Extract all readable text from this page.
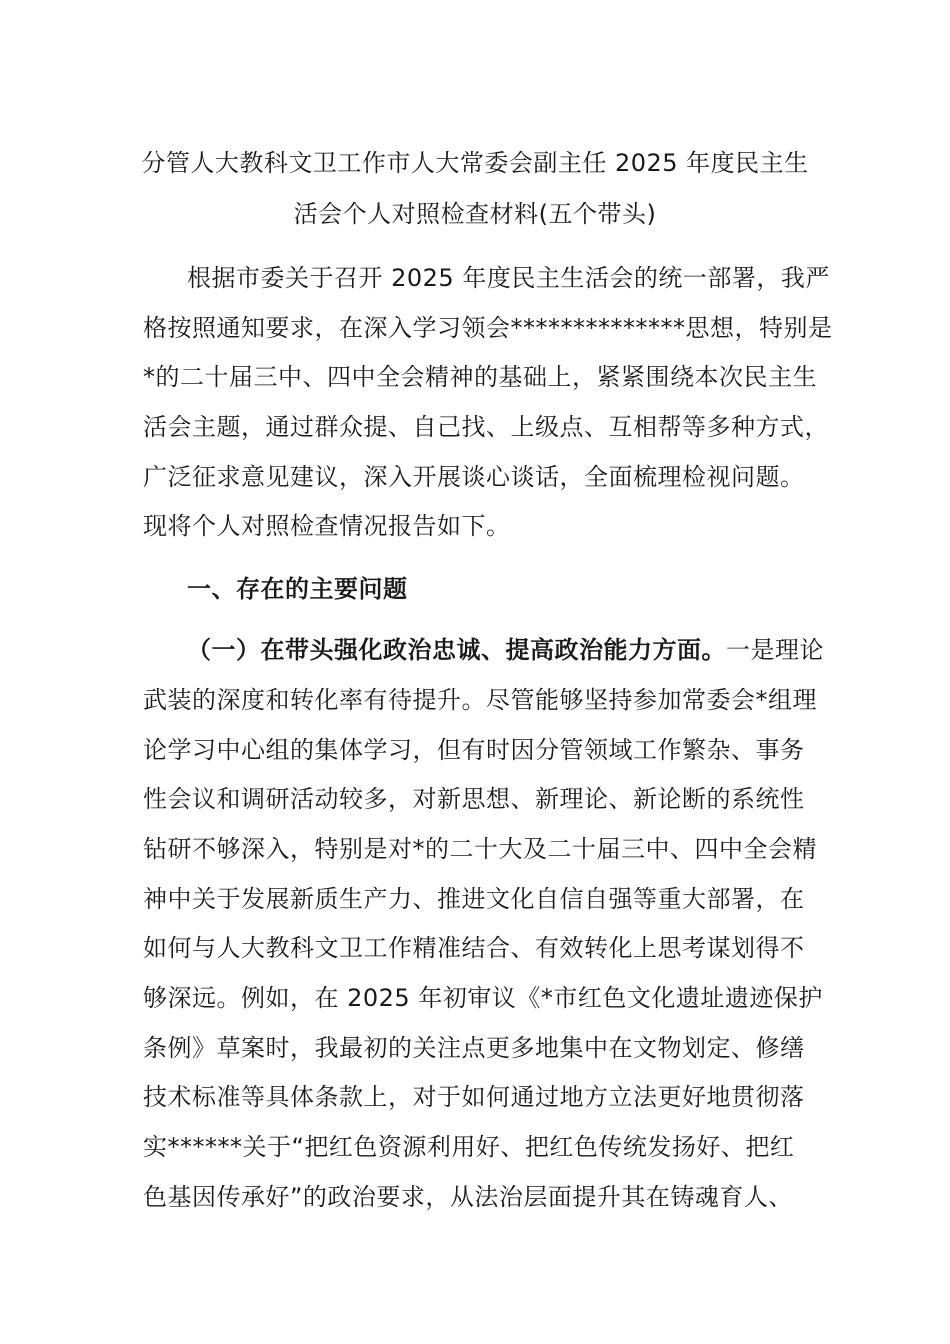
分管人大教科文卫工作市人大常委会副主任 2025 年度民主生

活会个人对照检查材料(五个带头)

根据市委关于召开 2025 年度民主生活会的统一部署，我严

格按照通知要求，在深入学习领会**************思想，特别是

*的二十届三中、四中全会精神的基础上，紧紧围绕本次民主生

活会主题，通过群众提、自己找、上级点、互相帮等多种方式，

广泛征求意见建议，深入开展谈心谈话，全面梳理检视问题。

现将个人对照检查情况报告如下。

一、存在的主要问题

（一）在带头强化政治忠诚、提高政治能力方面。一是理论

武装的深度和转化率有待提升。尽管能够坚持参加常委会*组理

论学习中心组的集体学习，但有时因分管领域工作繁杂、事务

性会议和调研活动较多，对新思想、新理论、新论断的系统性

钻研不够深入，特别是对*的二十大及二十届三中、四中全会精

神中关于发展新质生产力、推进文化自信自强等重大部署，在

如何与人大教科文卫工作精准结合、有效转化上思考谋划得不

够深远。例如，在 2025 年初审议《*市红色文化遗址遗迹保护

条例》草案时，我最初的关注点更多地集中在文物划定、修缮

技术标准等具体条款上，对于如何通过地方立法更好地贯彻落

实******关于“把红色资源利用好、把红色传统发扬好、把红

色基因传承好”的政治要求，从法治层面提升其在铸魂育人、
